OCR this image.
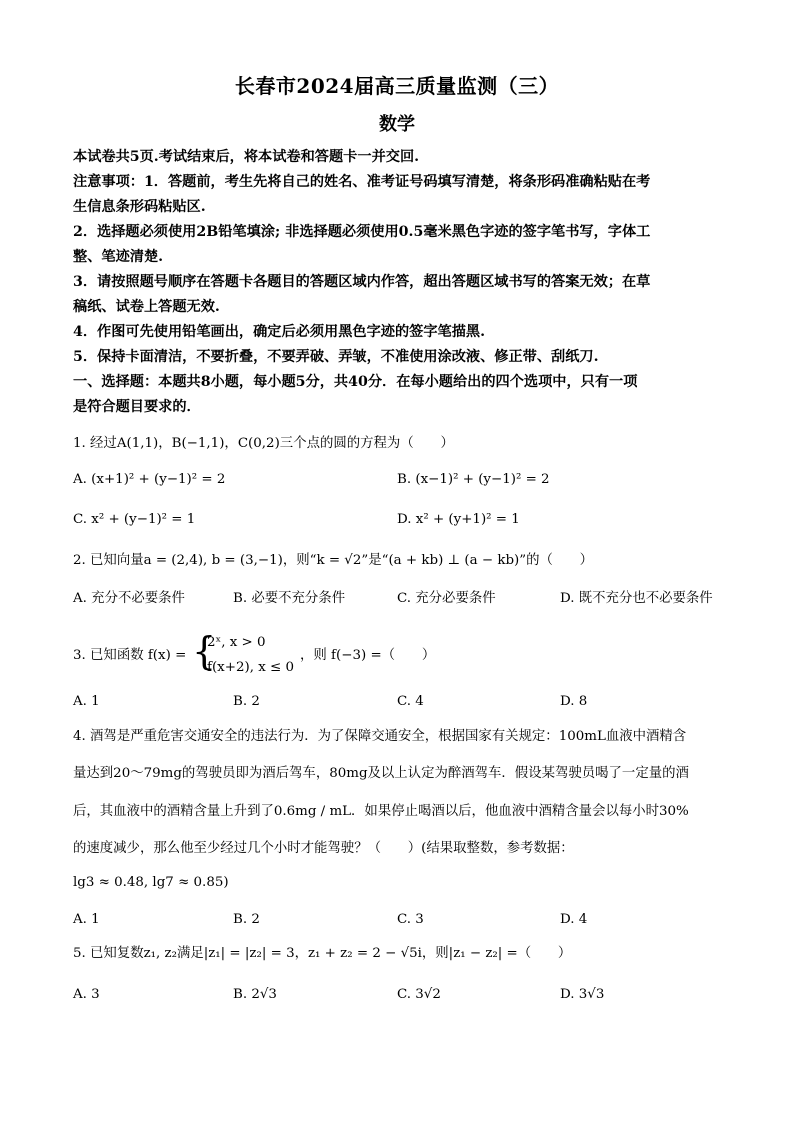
长春市2024届高三质量监测（三）
数学
本试卷共5页.考试结束后，将本试卷和答题卡一并交回.
注意事项：1．答题前，考生先将自己的姓名、准考证号码填写清楚，将条形码准确粘贴在考
生信息条形码粘贴区.
2．选择题必须使用2B铅笔填涂; 非选择题必须使用0.5毫米黑色字迹的签字笔书写，字体工
整、笔迹清楚.
3．请按照题号顺序在答题卡各题目的答题区域内作答，超出答题区域书写的答案无效；在草
稿纸、试卷上答题无效.
4．作图可先使用铅笔画出，确定后必须用黑色字迹的签字笔描黑.
5．保持卡面清洁，不要折叠，不要弄破、弄皱，不准使用涂改液、修正带、刮纸刀.
一、选择题：本题共8小题，每小题5分，共40分．在每小题给出的四个选项中，只有一项
是符合题目要求的．
1. 经过A(1,1)，B(−1,1)，C(0,2)三个点的圆的方程为（　　）
A. (x+1)² + (y−1)² = 2	B. (x−1)² + (y−1)² = 2
C. x² + (y−1)² = 1	D. x² + (y+1)² = 1
2. 已知向量a = (2,4), b = (3,−1)，则“k = √2”是“(a + kb) ⊥ (a − kb)”的（　　）
A. 充分不必要条件	B. 必要不充分条件	C. 充分必要条件	D. 既不充分也不必要条件
3. 已知函数 f(x) = {
2ˣ, x > 0
f(x+2), x ≤ 0
，则 f(−3) =（　　）
A. 1	B. 2	C. 4	D. 8
4. 酒驾是严重危害交通安全的违法行为．为了保障交通安全，根据国家有关规定：100mL血液中酒精含
量达到20～79mg的驾驶员即为酒后驾车，80mg及以上认定为醉酒驾车．假设某驾驶员喝了一定量的酒
后，其血液中的酒精含量上升到了0.6mg / mL．如果停止喝酒以后，他血液中酒精含量会以每小时30%
的速度减少，那么他至少经过几个小时才能驾驶？（　　）(结果取整数，参考数据：
lg3 ≈ 0.48, lg7 ≈ 0.85)
A. 1	B. 2	C. 3	D. 4
5. 已知复数z₁, z₂满足|z₁| = |z₂| = 3，z₁ + z₂ = 2 − √5i，则|z₁ − z₂| =（　　）
A. 3	B. 2√3	C. 3√2	D. 3√3
